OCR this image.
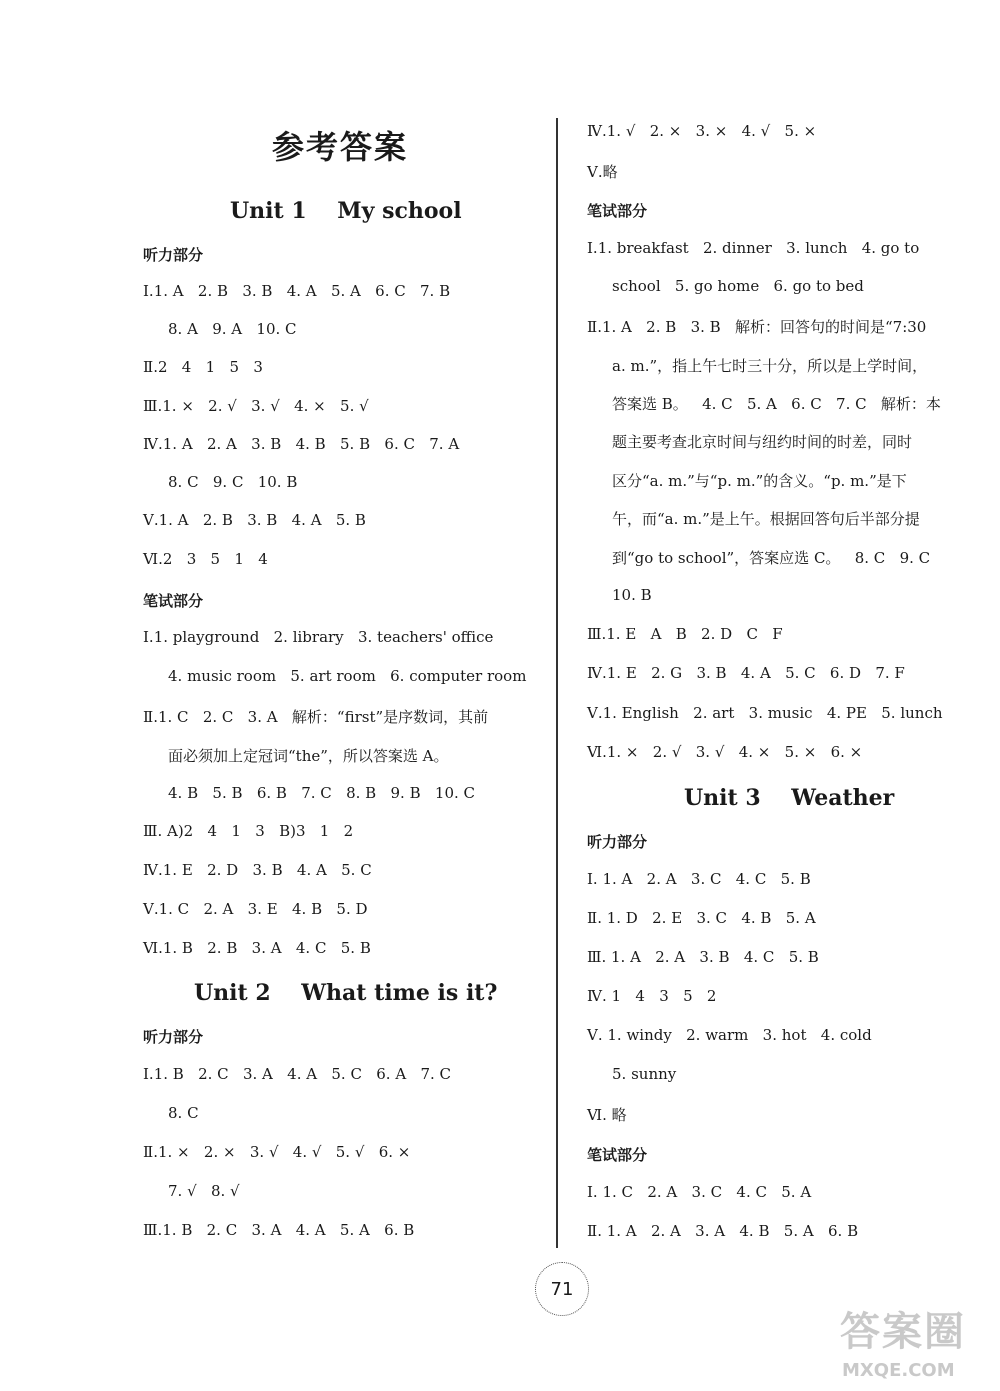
参考答案
Unit 1    My school
听力部分
Ⅰ.1. A   2. B   3. B   4. A   5. A   6. C   7. B
8. A   9. A   10. C
Ⅱ.2   4   1   5   3
Ⅲ.1. ×   2. √   3. √   4. ×   5. √
Ⅳ.1. A   2. A   3. B   4. B   5. B   6. C   7. A
8. C   9. C   10. B
Ⅴ.1. A   2. B   3. B   4. A   5. B
Ⅵ.2   3   5   1   4
笔试部分
Ⅰ.1. playground   2. library   3. teachers' office
4. music room   5. art room   6. computer room
Ⅱ.1. C   2. C   3. A   解析：“first”是序数词，其前
面必须加上定冠词“the”，所以答案选 A。
4. B   5. B   6. B   7. C   8. B   9. B   10. C
Ⅲ. A)2   4   1   3   B)3   1   2
Ⅳ.1. E   2. D   3. B   4. A   5. C
Ⅴ.1. C   2. A   3. E   4. B   5. D
Ⅵ.1. B   2. B   3. A   4. C   5. B
Unit 2    What time is it?
听力部分
Ⅰ.1. B   2. C   3. A   4. A   5. C   6. A   7. C
8. C
Ⅱ.1. ×   2. ×   3. √   4. √   5. √   6. ×
7. √   8. √
Ⅲ.1. B   2. C   3. A   4. A   5. A   6. B
Ⅳ.1. √   2. ×   3. ×   4. √   5. ×
Ⅴ.略
笔试部分
Ⅰ.1. breakfast   2. dinner   3. lunch   4. go to
school   5. go home   6. go to bed
Ⅱ.1. A   2. B   3. B   解析：回答句的时间是“7:30
a. m.”，指上午七时三十分，所以是上学时间，
答案选 B。   4. C   5. A   6. C   7. C   解析：本
题主要考查北京时间与纽约时间的时差，同时
区分“a. m.”与“p. m.”的含义。“p. m.”是下
午，而“a. m.”是上午。根据回答句后半部分提
到“go to school”，答案应选 C。   8. C   9. C
10. B
Ⅲ.1. E   A   B   2. D   C   F
Ⅳ.1. E   2. G   3. B   4. A   5. C   6. D   7. F
Ⅴ.1. English   2. art   3. music   4. PE   5. lunch
Ⅵ.1. ×   2. √   3. √   4. ×   5. ×   6. ×
Unit 3    Weather
听力部分
Ⅰ. 1. A   2. A   3. C   4. C   5. B
Ⅱ. 1. D   2. E   3. C   4. B   5. A
Ⅲ. 1. A   2. A   3. B   4. C   5. B
Ⅳ. 1   4   3   5   2
Ⅴ. 1. windy   2. warm   3. hot   4. cold
5. sunny
Ⅵ. 略
笔试部分
Ⅰ. 1. C   2. A   3. C   4. C   5. A
Ⅱ. 1. A   2. A   3. A   4. B   5. A   6. B
71
答案圈
MXQE.COM
